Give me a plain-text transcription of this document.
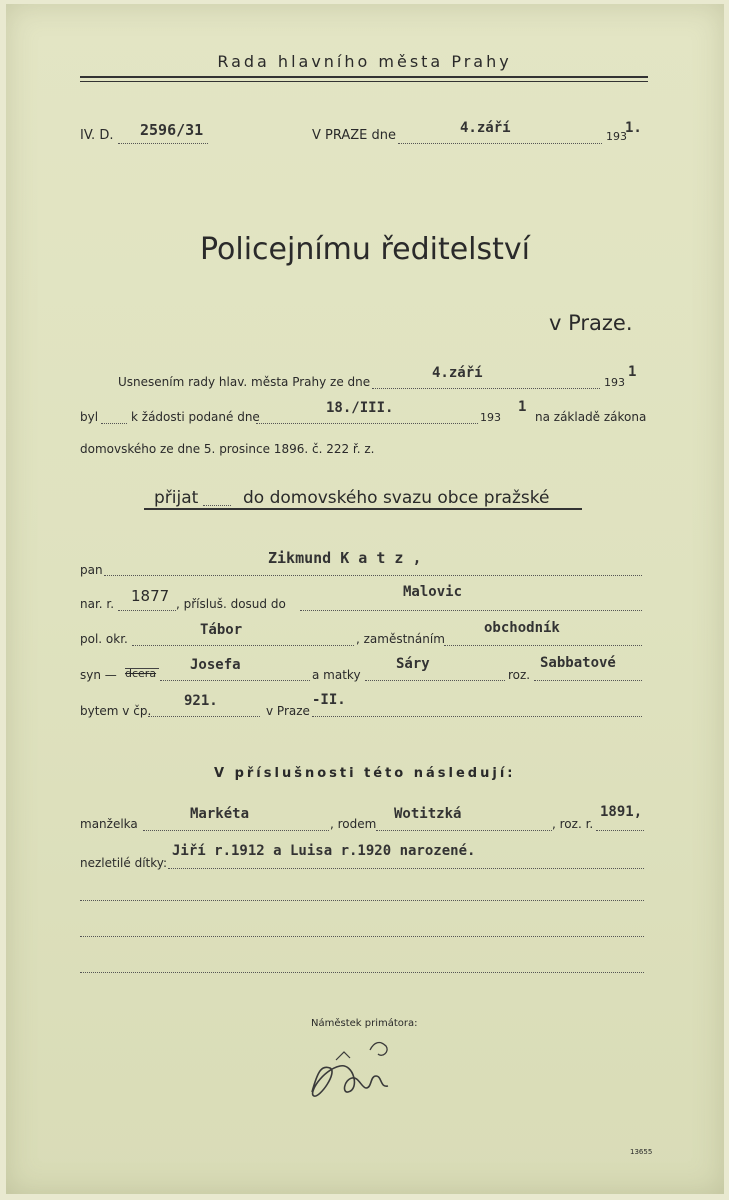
Rada hlavního města Prahy
IV. D. 2596/31	V PRAZE dne	4.září
193
1.
Policejnímu ředitelství
v Praze.
Usnesením rady hlav. města Prahy ze dne
4.září
193
1
byl	k žádosti podané dne
18./III.
193
1
na základě zákona
domovského ze dne 5. prosince 1896. č. 222 ř. z.
přijat	do domovského svazu obce pražské
pan
Zikmund K a t z ,
nar. r. 1877 , přísluš. dosud do
Malovic
pol. okr.
Tábor
, zaměstnáním
obchodník
syn — dcera
Josefa
a matky
Sáry
roz.
Sabbatové
bytem v čp.
921.
v Praze
-II.
V příslušnosti této následují:
manželka
Markéta
, rodem
Wotitzká
, roz. r.
1891,
nezletilé dítky:
Jiří r.1912 a Luisa r.1920 narozené.
Náměstek primátora:
13655
